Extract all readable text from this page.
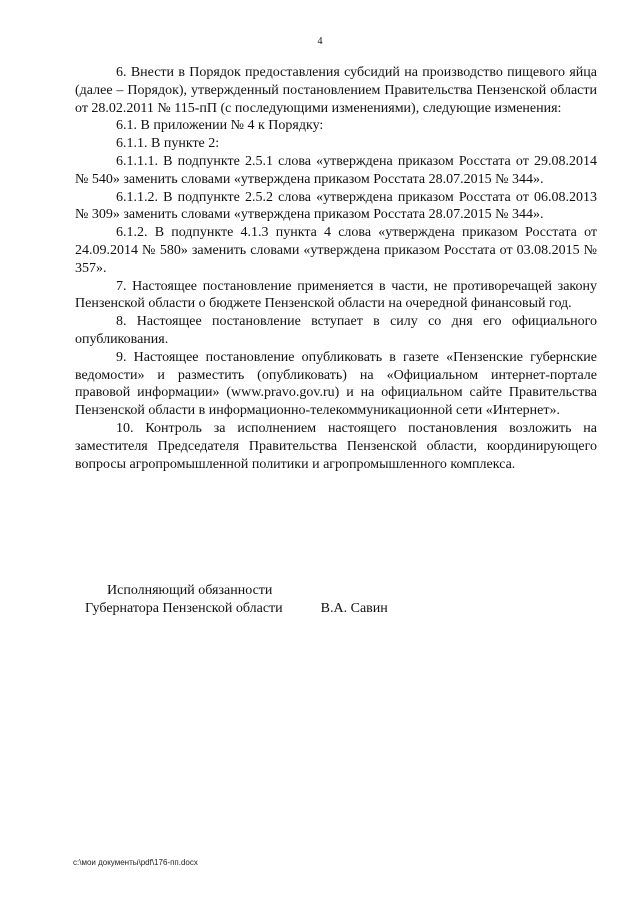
4

6. Внести в Порядок предоставления субсидий на производство пищевого яйца (далее – Порядок), утвержденный постановлением Правительства Пензенской области от 28.02.2011 № 115-пП (с последующими изменениями), следующие изменения:

6.1. В приложении № 4 к Порядку:

6.1.1. В пункте 2:

6.1.1.1. В подпункте 2.5.1 слова «утверждена приказом Росстата от 29.08.2014 № 540» заменить словами «утверждена приказом Росстата 28.07.2015 № 344».

6.1.1.2. В подпункте 2.5.2 слова «утверждена приказом Росстата от 06.08.2013 № 309» заменить словами «утверждена приказом Росстата 28.07.2015 № 344».

6.1.2. В подпункте 4.1.3 пункта 4 слова «утверждена приказом Росстата от 24.09.2014 № 580» заменить словами «утверждена приказом Росстата от 03.08.2015 № 357».

7. Настоящее постановление применяется в части, не противоречащей закону Пензенской области о бюджете Пензенской области на очередной финансовый год.

8. Настоящее постановление вступает в силу со дня его официального опубликования.

9. Настоящее постановление опубликовать в газете «Пензенские губернские ведомости» и разместить (опубликовать) на «Официальном интернет-портале правовой информации» (www.pravo.gov.ru) и на официальном сайте Правительства Пензенской области в информационно-телекоммуникационной сети «Интернет».

10. Контроль за исполнением настоящего постановления возложить на заместителя Председателя Правительства Пензенской области, координирующего вопросы агропромышленной политики и агропромышленного комплекса.

Исполняющий обязанности
Губернатора Пензенской области	В.А. Савин
c:\мои документы\pdf\176-пп.docx
